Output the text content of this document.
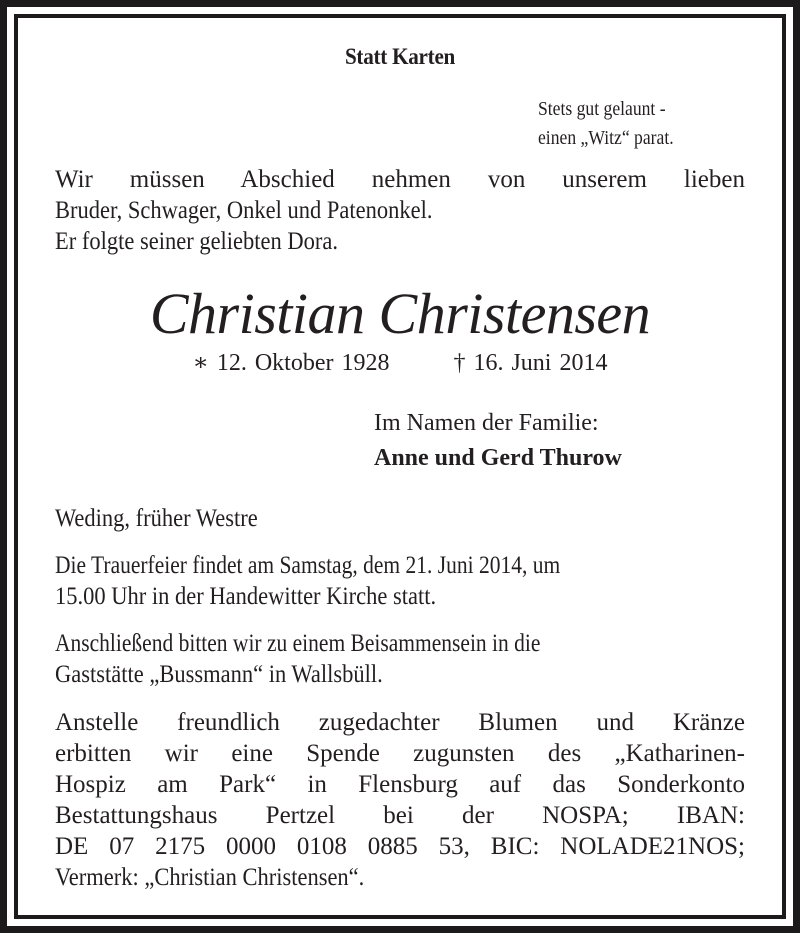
Statt Karten
Stets gut gelaunt -
einen „Witz“ parat.
Wir müssen Abschied nehmen von unserem lieben
Bruder, Schwager, Onkel und Patenonkel.
Er folgte seiner geliebten Dora.
Christian Christensen
∗ 12. Oktober 1928	† 16. Juni 2014
Im Namen der Familie:
Anne und Gerd Thurow
Weding, früher Westre
Die Trauerfeier findet am Samstag, dem 21. Juni 2014, um
15.00 Uhr in der Handewitter Kirche statt.
Anschließend bitten wir zu einem Beisammensein in die
Gaststätte „Bussmann“ in Wallsbüll.
Anstelle freundlich zugedachter Blumen und Kränze
erbitten wir eine Spende zugunsten des „Katharinen-
Hospiz am Park“ in Flensburg auf das Sonderkonto
Bestattungshaus Pertzel bei der NOSPA; IBAN:
DE 07 2175 0000 0108 0885 53, BIC: NOLADE21NOS;
Vermerk: „Christian Christensen“.
